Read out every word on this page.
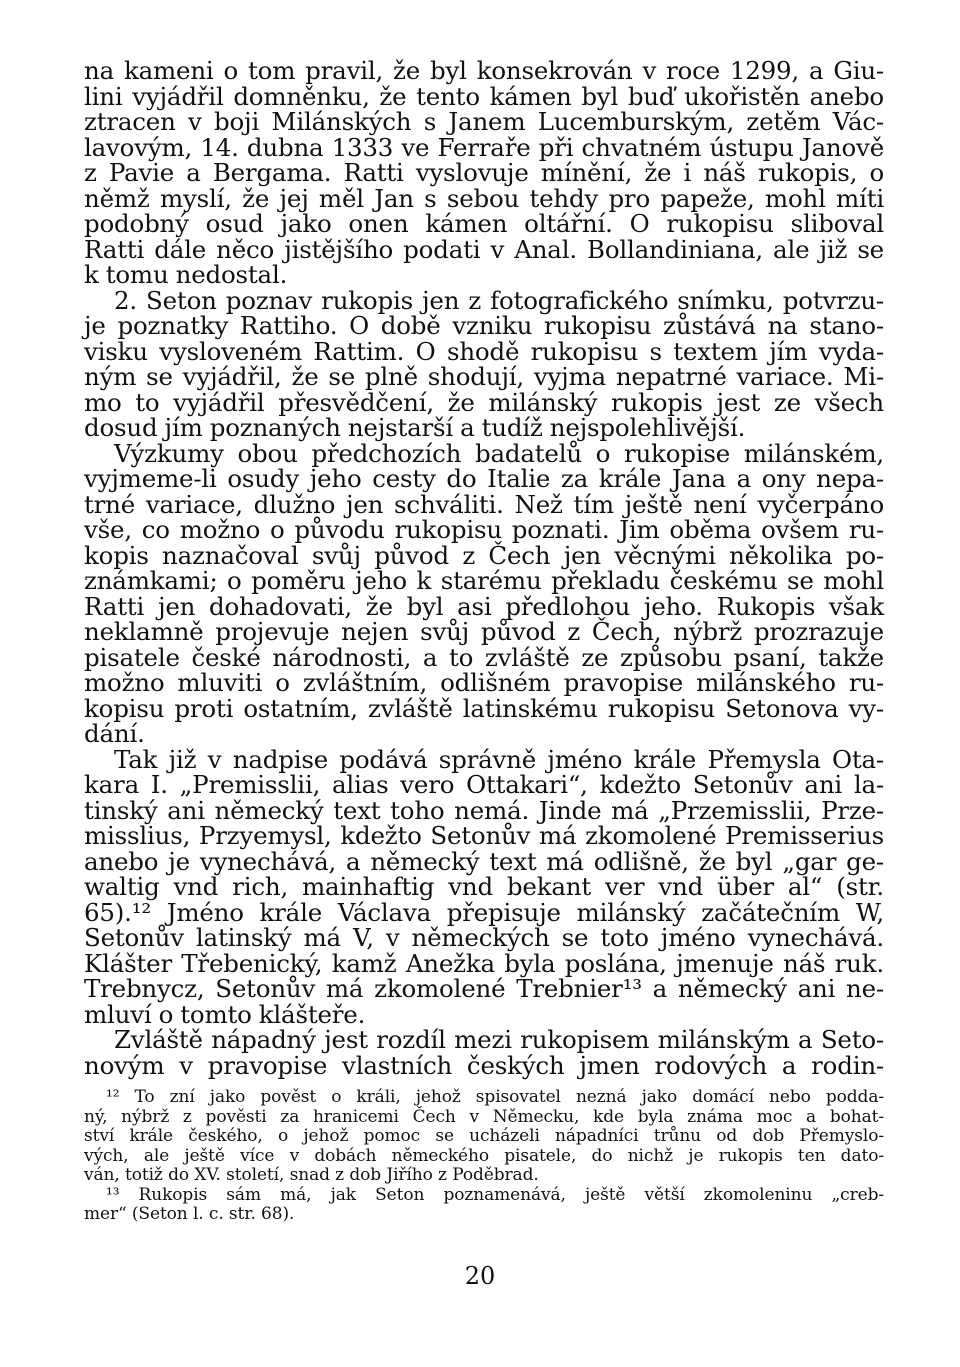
na kameni o tom pravil, že byl konsekrován v roce 1299, a Giu-
lini vyjádřil domněnku, že tento kámen byl buď ukořistěn anebo
ztracen v boji Milánských s Janem Lucemburským, zetěm Vác-
lavovým, 14. dubna 1333 ve Ferraře při chvatném ústupu Janově
z Pavie a Bergama. Ratti vyslovuje mínění, že i náš rukopis, o
němž myslí, že jej měl Jan s sebou tehdy pro papeže, mohl míti
podobný osud jako onen kámen oltářní. O rukopisu sliboval
Ratti dále něco jistějšího podati v Anal. Bollandiniana, ale již se
k tomu nedostal.
2. Seton poznav rukopis jen z fotografického snímku, potvrzu-
je poznatky Rattiho. O době vzniku rukopisu zůstává na stano-
visku vysloveném Rattim. O shodě rukopisu s textem jím vyda-
ným se vyjádřil, že se plně shodují, vyjma nepatrné variace. Mi-
mo to vyjádřil přesvědčení, že milánský rukopis jest ze všech
dosud jím poznaných nejstarší a tudíž nejspolehlivější.
Výzkumy obou předchozích badatelů o rukopise milánském,
vyjmeme-li osudy jeho cesty do Italie za krále Jana a ony nepa-
trné variace, dlužno jen schváliti. Než tím ještě není vyčerpáno
vše, co možno o původu rukopisu poznati. Jim oběma ovšem ru-
kopis naznačoval svůj původ z Čech jen věcnými několika po-
známkami; o poměru jeho k starému překladu českému se mohl
Ratti jen dohadovati, že byl asi předlohou jeho. Rukopis však
neklamně projevuje nejen svůj původ z Čech, nýbrž prozrazuje
pisatele české národnosti, a to zvláště ze způsobu psaní, takže
možno mluviti o zvláštním, odlišném pravopise milánského ru-
kopisu proti ostatním, zvláště latinskému rukopisu Setonova vy-
dání.
Tak již v nadpise podává správně jméno krále Přemysla Ota-
kara I. „Premisslii, alias vero Ottakari“, kdežto Setonův ani la-
tinský ani německý text toho nemá. Jinde má „Przemisslii, Prze-
misslius, Przyemysl, kdežto Setonův má zkomolené Premisserius
anebo je vynechává, a německý text má odlišně, že byl „gar ge-
waltig vnd rich, mainhaftig vnd bekant ver vnd über al“ (str.
65).¹² Jméno krále Václava přepisuje milánský začátečním W,
Setonův latinský má V, v německých se toto jméno vynechává.
Klášter Třebenický, kamž Anežka byla poslána, jmenuje náš ruk.
Trebnycz, Setonův má zkomolené Trebnier¹³ a německý ani ne-
mluví o tomto klášteře.
Zvláště nápadný jest rozdíl mezi rukopisem milánským a Seto-
novým v pravopise vlastních českých jmen rodových a rodin-
¹² To zní jako pověst o králi, jehož spisovatel nezná jako domácí nebo podda-
ný, nýbrž z pověsti za hranicemi Čech v Německu, kde byla známa moc a bohat-
ství krále českého, o jehož pomoc se ucházeli nápadníci trůnu od dob Přemyslo-
vých, ale ještě více v dobách německého pisatele, do nichž je rukopis ten dato-
ván, totiž do XV. století, snad z dob Jiřího z Poděbrad.
¹³ Rukopis sám má, jak Seton poznamenává, ještě větší zkomoleninu „creb-
mer“ (Seton l. c. str. 68).
20
